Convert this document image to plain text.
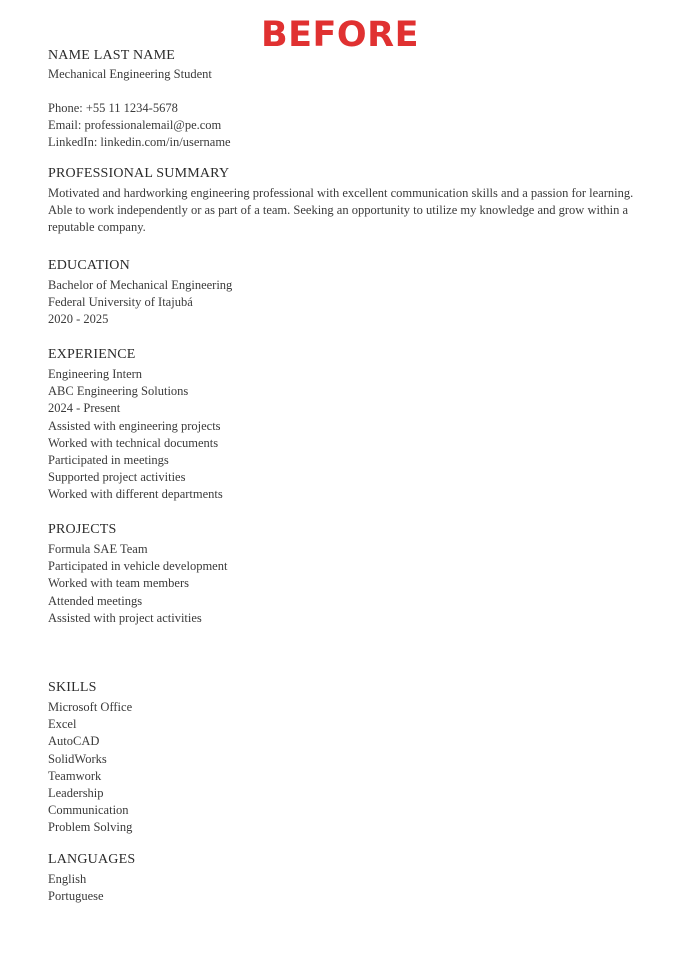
BEFORE
NAME LAST NAME
Mechanical Engineering Student
Phone: +55 11 1234-5678
Email: professionalemail@pe.com
LinkedIn: linkedin.com/in/username
PROFESSIONAL SUMMARY
Motivated and hardworking engineering professional with excellent communication skills and a passion for learning. Able to work independently or as part of a team. Seeking an opportunity to utilize my knowledge and grow within a reputable company.
EDUCATION
Bachelor of Mechanical Engineering
Federal University of Itajubá
2020 - 2025
EXPERIENCE
Engineering Intern
ABC Engineering Solutions
2024 - Present
Assisted with engineering projects
Worked with technical documents
Participated in meetings
Supported project activities
Worked with different departments
PROJECTS
Formula SAE Team
Participated in vehicle development
Worked with team members
Attended meetings
Assisted with project activities
SKILLS
Microsoft Office
Excel
AutoCAD
SolidWorks
Teamwork
Leadership
Communication
Problem Solving
LANGUAGES
English
Portuguese
